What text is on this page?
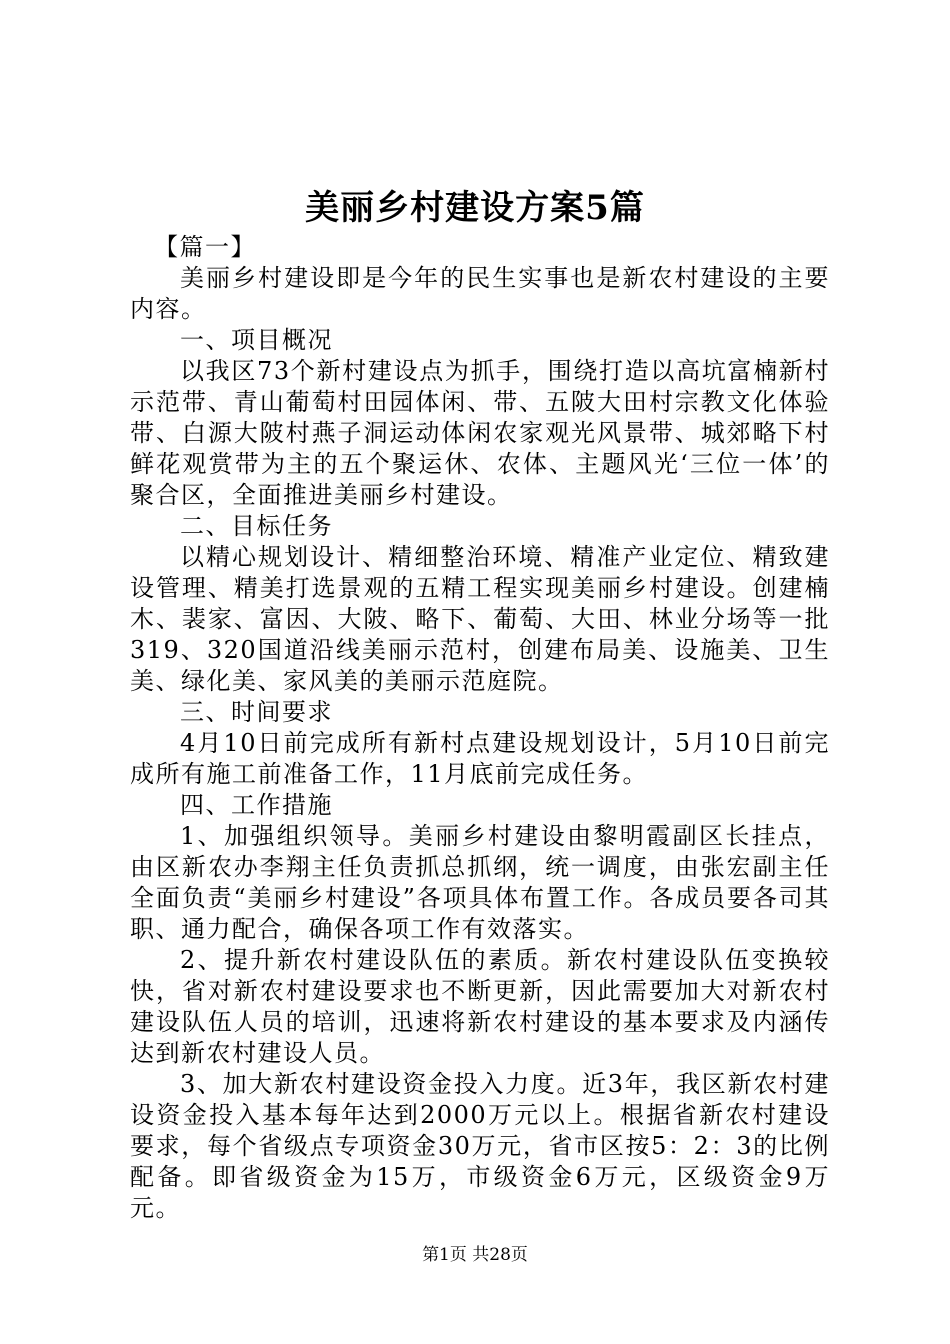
美丽乡村建设方案5篇

【篇一】

美丽乡村建设即是今年的民生实事也是新农村建设的主要内容。

一、项目概况

以我区73个新村建设点为抓手，围绕打造以高坑富楠新村示范带、青山葡萄村田园体闲、带、五陂大田村宗教文化体验带、白源大陂村燕子洞运动体闲农家观光风景带、城郊略下村鲜花观赏带为主的五个聚运休、农体、主题风光‘三位一体’的聚合区，全面推进美丽乡村建设。

二、目标任务

以精心规划设计、精细整治环境、精准产业定位、精致建设管理、精美打选景观的五精工程实现美丽乡村建设。创建楠木、裴家、富因、大陂、略下、葡萄、大田、林业分场等一批319、320国道沿线美丽示范村，创建布局美、设施美、卫生美、绿化美、家风美的美丽示范庭院。

三、时间要求

4月10日前完成所有新村点建设规划设计，5月10日前完成所有施工前准备工作，11月底前完成任务。

四、工作措施

1、加强组织领导。美丽乡村建设由黎明霞副区长挂点，由区新农办李翔主任负责抓总抓纲，统一调度，由张宏副主任全面负责“美丽乡村建设”各项具体布置工作。各成员要各司其职、通力配合，确保各项工作有效落实。

2、提升新农村建设队伍的素质。新农村建设队伍变换较快，省对新农村建设要求也不断更新，因此需要加大对新农村建设队伍人员的培训，迅速将新农村建设的基本要求及内涵传达到新农村建设人员。

3、加大新农村建设资金投入力度。近3年，我区新农村建设资金投入基本每年达到2000万元以上。根据省新农村建设要求，每个省级点专项资金30万元，省市区按5：2：3的比例配备。即省级资金为15万，市级资金6万元，区级资金9万元。

第1页 共28页
